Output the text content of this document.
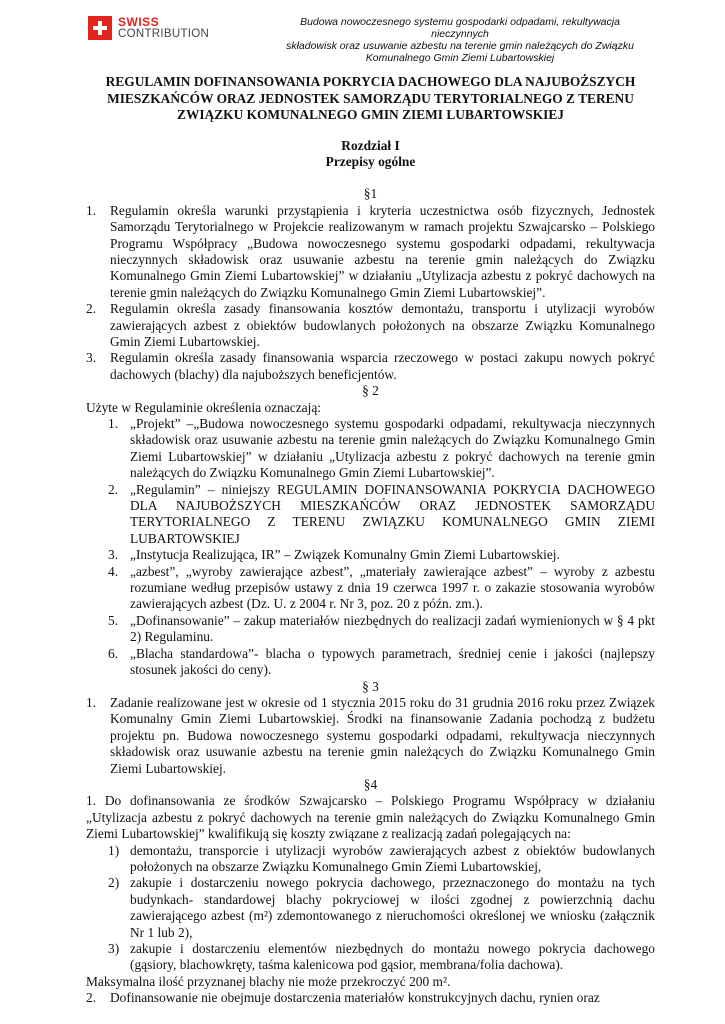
SWISS
CONTRIBUTION
Budowa nowoczesnego systemu gospodarki odpadami, rekultywacja nieczynnych
składowisk oraz usuwanie azbestu na terenie gmin należących do Związku
Komunalnego Gmin Ziemi Lubartowskiej
REGULAMIN DOFINANSOWANIA POKRYCIA DACHOWEGO DLA NAJUBOŻSZYCH
MIESZKAŃCÓW ORAZ JEDNOSTEK SAMORZĄDU TERYTORIALNEGO Z TERENU
ZWIĄZKU KOMUNALNEGO GMIN ZIEMI LUBARTOWSKIEJ

Rozdział I

Przepisy ogólne

§1

1.	Regulamin określa warunki przystąpienia i kryteria uczestnictwa osób fizycznych, Jednostek Samorządu Terytorialnego w Projekcie realizowanym w ramach projektu Szwajcarsko – Polskiego Programu Współpracy „Budowa nowoczesnego systemu gospodarki odpadami, rekultywacja nieczynnych składowisk oraz usuwanie azbestu na terenie gmin należących do Związku Komunalnego Gmin Ziemi Lubartowskiej” w działaniu „Utylizacja azbestu z pokryć dachowych na terenie gmin należących do Związku Komunalnego Gmin Ziemi Lubartowskiej”.
2.	Regulamin określa zasady finansowania kosztów demontażu, transportu i utylizacji wyrobów zawierających azbest z obiektów budowlanych położonych na obszarze Związku Komunalnego Gmin Ziemi Lubartowskiej.
3.	Regulamin określa zasady finansowania wsparcia rzeczowego w postaci zakupu nowych pokryć dachowych (blachy) dla najuboższych beneficjentów.

§ 2

Użyte w Regulaminie określenia oznaczają:

1. „Projekt” –„Budowa nowoczesnego systemu gospodarki odpadami, rekultywacja nieczynnych składowisk oraz usuwanie azbestu na terenie gmin należących do Związku Komunalnego Gmin Ziemi Lubartowskiej” w działaniu „Utylizacja azbestu z pokryć dachowych na terenie gmin należących do Związku Komunalnego Gmin Ziemi Lubartowskiej”.
2. „Regulamin” – niniejszy REGULAMIN DOFINANSOWANIA POKRYCIA DACHOWEGO DLA NAJUBOŻSZYCH MIESZKAŃCÓW ORAZ JEDNOSTEK SAMORZĄDU TERYTORIALNEGO Z TERENU ZWIĄZKU KOMUNALNEGO GMIN ZIEMI LUBARTOWSKIEJ
3. „Instytucja Realizująca, IR” – Związek Komunalny Gmin Ziemi Lubartowskiej.
4. „azbest”, „wyroby zawierające azbest”, „materiały zawierające azbest” – wyroby z azbestu rozumiane według przepisów ustawy z dnia 19 czerwca 1997 r. o zakazie stosowania wyrobów zawierających azbest (Dz. U. z 2004 r. Nr 3, poz. 20 z późn. zm.).
5. „Dofinansowanie” – zakup materiałów niezbędnych do realizacji zadań wymienionych w § 4 pkt 2) Regulaminu.
6. „Blacha standardowa”- blacha o typowych parametrach, średniej cenie i jakości (najlepszy stosunek jakości do ceny).

§ 3

1.	Zadanie realizowane jest w okresie od 1 stycznia 2015 roku do 31 grudnia 2016 roku przez Związek Komunalny Gmin Ziemi Lubartowskiej. Środki na finansowanie Zadania pochodzą z budżetu projektu pn. Budowa nowoczesnego systemu gospodarki odpadami, rekultywacja nieczynnych składowisk oraz usuwanie azbestu na terenie gmin należących do Związku Komunalnego Gmin Ziemi Lubartowskiej.

§4

1. Do dofinansowania ze środków Szwajcarsko – Polskiego Programu Współpracy w działaniu „Utylizacja azbestu z pokryć dachowych na terenie gmin należących do Związku Komunalnego Gmin Ziemi Lubartowskiej” kwalifikują się koszty związane z realizacją zadań polegających na:

1) demontażu, transporcie i utylizacji wyrobów zawierających azbest z obiektów budowlanych położonych na obszarze Związku Komunalnego Gmin Ziemi Lubartowskiej,
2) zakupie i dostarczeniu nowego pokrycia dachowego, przeznaczonego do montażu na tych budynkach- standardowej blachy pokryciowej w ilości zgodnej z powierzchnią dachu zawierającego azbest (m²) zdemontowanego z nieruchomości określonej we wniosku (załącznik Nr 1 lub 2),
3) zakupie i dostarczeniu elementów niezbędnych do montażu nowego pokrycia dachowego (gąsiory, blachowkręty, taśma kalenicowa pod gąsior, membrana/folia dachowa).

Maksymalna ilość przyznanej blachy nie może przekroczyć 200 m².

2.	Dofinansowanie nie obejmuje dostarczenia materiałów konstrukcyjnych dachu, rynien oraz
